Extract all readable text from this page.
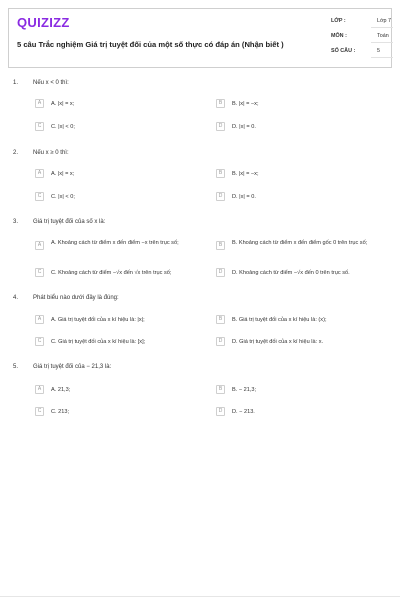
QUIZIZZ
5 câu Trắc nghiệm Giá trị tuyệt đối của một số thực có đáp án (Nhận biết )
LỚP :	Lớp 7
MÔN :	Toán
SỐ CÂU :	5
1. Nếu x < 0 thì:
A	A. |x| = x;	B	B. |x| = −x;
C	C. |x| < 0;	D	D. |x| = 0.
2. Nếu x ≥ 0 thì:
A	A. |x| = x;	B	B. |x| = −x;
C	C. |x| < 0;	D	D. |x| = 0.
3. Giá trị tuyệt đối của số x là:
A	A. Khoảng cách từ điểm x đến điểm −x trên trục số;	B	B. Khoảng cách từ điểm x đến điểm gốc 0 trên trục số;
C	C. Khoảng cách từ điểm −√x đến √x trên trục số;	D	D. Khoảng cách từ điểm −√x đến 0 trên trục số.
4. Phát biểu nào dưới đây là đúng:
A	A. Giá trị tuyệt đối của x kí hiệu là: |x|;	B	B. Giá trị tuyệt đối của x kí hiệu là: (x);
C	C. Giá trị tuyệt đối của x kí hiệu là: [x];	D	D. Giá trị tuyệt đối của x kí hiệu là: x.
5. Giá trị tuyệt đối của − 21,3 là:
A	A. 21,3;	B	B. − 21,3;
C	C. 213;	D	D. − 213.
